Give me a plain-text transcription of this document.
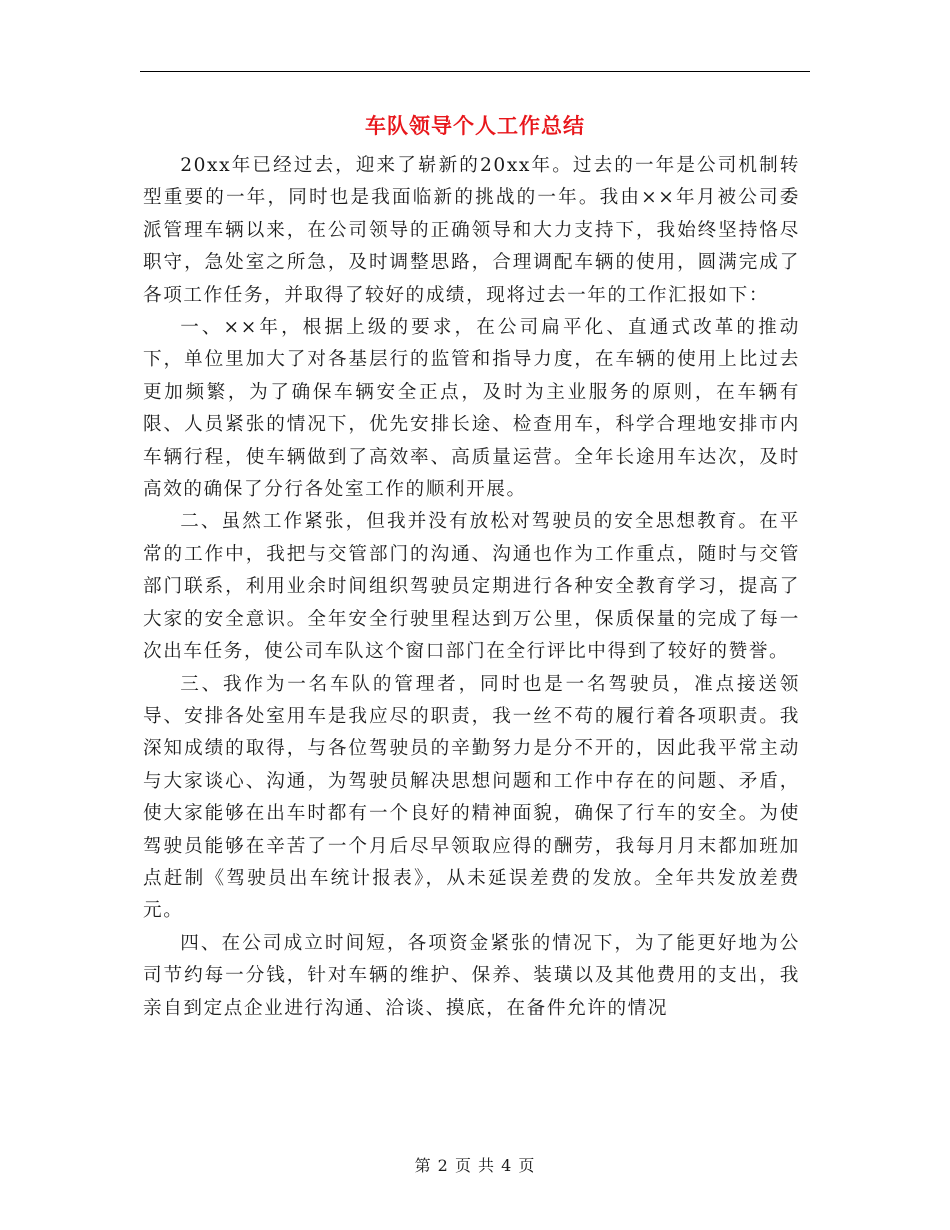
车队领导个人工作总结

20xx年已经过去，迎来了崭新的20xx年。过去的一年是公司机制转型重要的一年，同时也是我面临新的挑战的一年。我由××年月被公司委派管理车辆以来，在公司领导的正确领导和大力支持下，我始终坚持恪尽职守，急处室之所急，及时调整思路，合理调配车辆的使用，圆满完成了各项工作任务，并取得了较好的成绩，现将过去一年的工作汇报如下：

一、××年，根据上级的要求，在公司扁平化、直通式改革的推动下，单位里加大了对各基层行的监管和指导力度，在车辆的使用上比过去更加频繁，为了确保车辆安全正点，及时为主业服务的原则，在车辆有限、人员紧张的情况下，优先安排长途、检查用车，科学合理地安排市内车辆行程，使车辆做到了高效率、高质量运营。全年长途用车达次，及时高效的确保了分行各处室工作的顺利开展。

二、虽然工作紧张，但我并没有放松对驾驶员的安全思想教育。在平常的工作中，我把与交管部门的沟通、沟通也作为工作重点，随时与交管部门联系，利用业余时间组织驾驶员定期进行各种安全教育学习，提高了大家的安全意识。全年安全行驶里程达到万公里，保质保量的完成了每一次出车任务，使公司车队这个窗口部门在全行评比中得到了较好的赞誉。

三、我作为一名车队的管理者，同时也是一名驾驶员，准点接送领导、安排各处室用车是我应尽的职责，我一丝不苟的履行着各项职责。我深知成绩的取得，与各位驾驶员的辛勤努力是分不开的，因此我平常主动与大家谈心、沟通，为驾驶员解决思想问题和工作中存在的问题、矛盾，使大家能够在出车时都有一个良好的精神面貌，确保了行车的安全。为使驾驶员能够在辛苦了一个月后尽早领取应得的酬劳，我每月月末都加班加点赶制《驾驶员出车统计报表》，从未延误差费的发放。全年共发放差费元。

四、在公司成立时间短，各项资金紧张的情况下，为了能更好地为公司节约每一分钱，针对车辆的维护、保养、装璜以及其他费用的支出，我亲自到定点企业进行沟通、洽谈、摸底，在备件允许的情况

第 2 页 共 4 页
